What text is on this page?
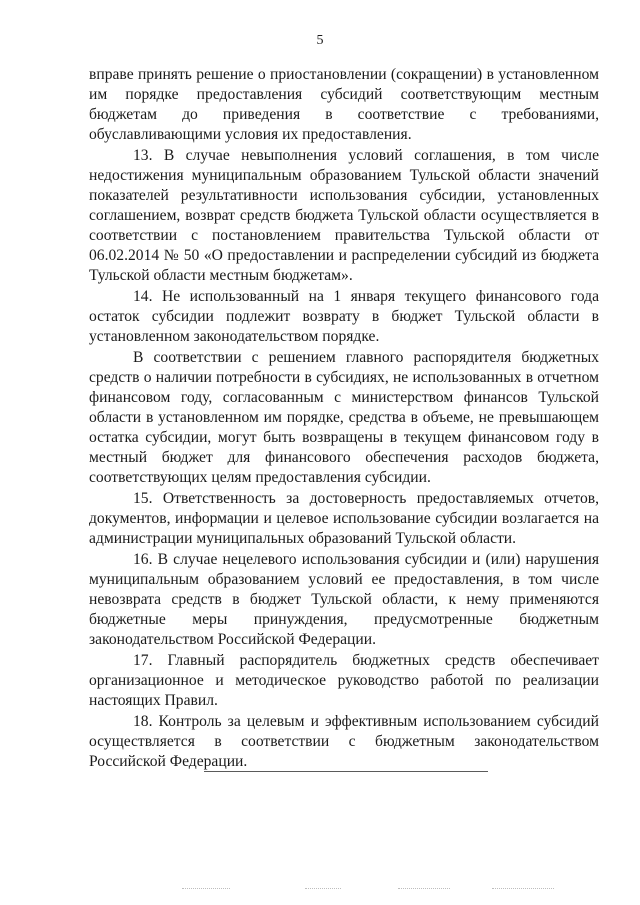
5

вправе принять решение о приостановлении (сокращении) в установленном им порядке предоставления субсидий соответствующим местным бюджетам до приведения в соответствие с требованиями, обуславливающими условия их предоставления.

13. В случае невыполнения условий соглашения, в том числе недостижения муниципальным образованием Тульской области значений показателей результативности использования субсидии, установленных соглашением, возврат средств бюджета Тульской области осуществляется в соответствии с постановлением правительства Тульской области от 06.02.2014 № 50 «О предоставлении и распределении субсидий из бюджета Тульской области местным бюджетам».

14. Не использованный на 1 января текущего финансового года остаток субсидии подлежит возврату в бюджет Тульской области в установленном законодательством порядке.

В соответствии с решением главного распорядителя бюджетных средств о наличии потребности в субсидиях, не использованных в отчетном финансовом году, согласованным с министерством финансов Тульской области в установленном им порядке, средства в объеме, не превышающем остатка субсидии, могут быть возвращены в текущем финансовом году в местный бюджет для финансового обеспечения расходов бюджета, соответствующих целям предоставления субсидии.

15. Ответственность за достоверность предоставляемых отчетов, документов, информации и целевое использование субсидии возлагается на администрации муниципальных образований Тульской области.

16. В случае нецелевого использования субсидии и (или) нарушения муниципальным образованием условий ее предоставления, в том числе невозврата средств в бюджет Тульской области, к нему применяются бюджетные меры принуждения, предусмотренные бюджетным законодательством Российской Федерации.

17. Главный распорядитель бюджетных средств обеспечивает организационное и методическое руководство работой по реализации настоящих Правил.

18. Контроль за целевым и эффективным использованием субсидий осуществляется в соответствии с бюджетным законодательством Российской Федерации.
